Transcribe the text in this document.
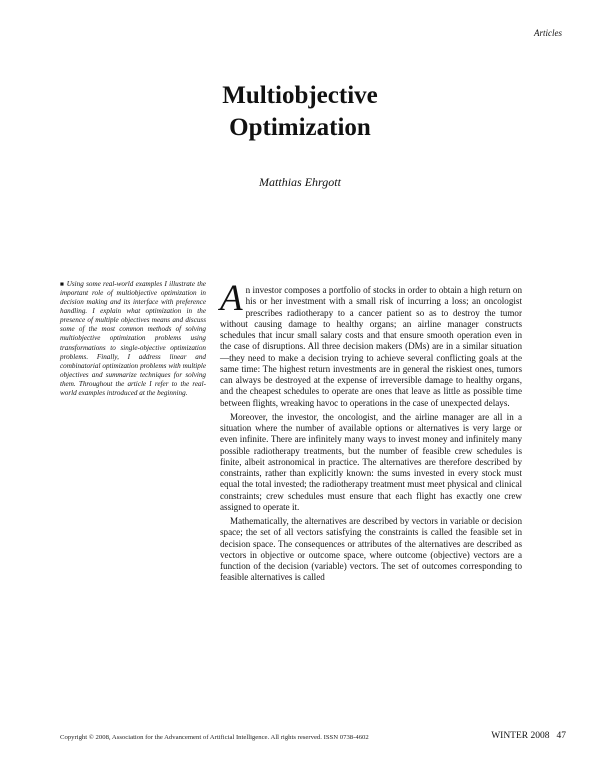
Articles
Multiobjective
Optimization
Matthias Ehrgott

■ Using some real-world examples I illustrate the important role of multiobjective optimization in decision making and its interface with preference handling. I explain what optimization in the presence of multiple objectives means and discuss some of the most common methods of solving multiobjective optimization problems using transformations to single-objective optimization problems. Finally, I address linear and combinatorial optimization problems with multiple objectives and summarize techniques for solving them. Throughout the article I refer to the real-world examples introduced at the beginning.

An investor composes a portfolio of stocks in order to obtain a high return on his or her investment with a small risk of incurring a loss; an oncologist prescribes radiotherapy to a cancer patient so as to destroy the tumor without causing damage to healthy organs; an airline manager constructs schedules that incur small salary costs and that ensure smooth operation even in the case of disruptions. All three decision makers (DMs) are in a similar situation—they need to make a decision trying to achieve several conflicting goals at the same time: The highest return investments are in general the riskiest ones, tumors can always be destroyed at the expense of irreversible damage to healthy organs, and the cheapest schedules to operate are ones that leave as little as possible time between flights, wreaking havoc to operations in the case of unexpected delays.

Moreover, the investor, the oncologist, and the airline manager are all in a situation where the number of available options or alternatives is very large or even infinite. There are infinitely many ways to invest money and infinitely many possible radiotherapy treatments, but the number of feasible crew schedules is finite, albeit astronomical in practice. The alternatives are therefore described by constraints, rather than explicitly known: the sums invested in every stock must equal the total invested; the radiotherapy treatment must meet physical and clinical constraints; crew schedules must ensure that each flight has exactly one crew assigned to operate it.

Mathematically, the alternatives are described by vectors in variable or decision space; the set of all vectors satisfying the constraints is called the feasible set in decision space. The consequences or attributes of the alternatives are described as vectors in objective or outcome space, where outcome (objective) vectors are a function of the decision (variable) vectors. The set of outcomes corresponding to feasible alternatives is called

Copyright © 2008, Association for the Advancement of Artificial Intelligence. All rights reserved. ISSN 0738-4602	WINTER 2008 47
